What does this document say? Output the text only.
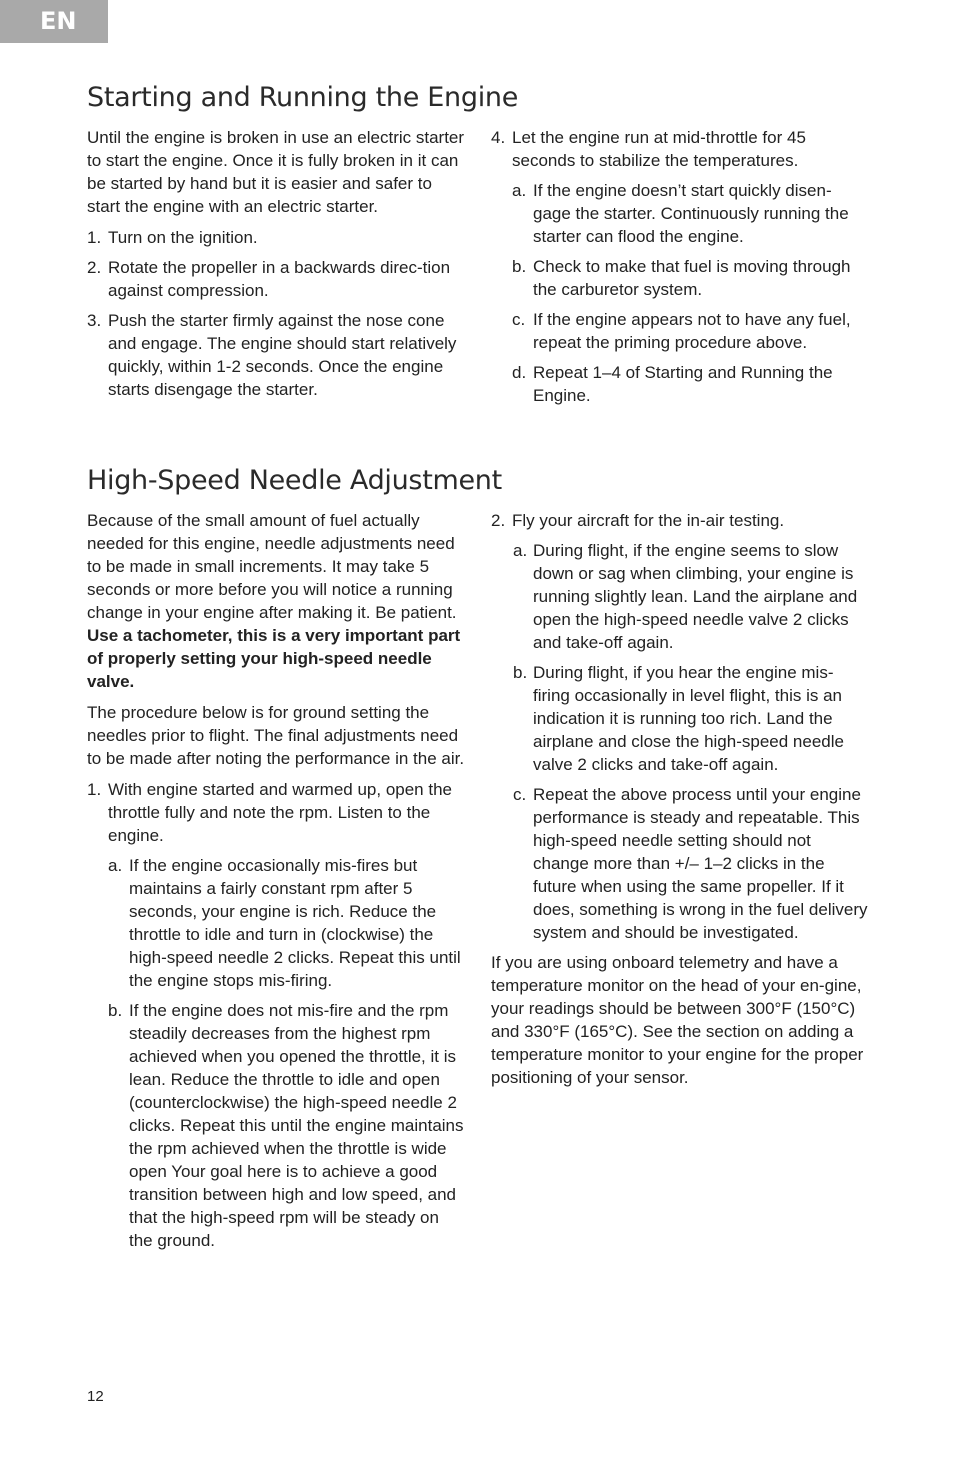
EN
Starting and Running the Engine

Until the engine is broken in use an electric starter to start the engine. Once it is fully broken in it can be started by hand but it is easier and safer to start the engine with an electric starter.

1. Turn on the ignition.
2. Rotate the propeller in a backwards direc-tion against compression.
3. Push the starter firmly against the nose cone and engage. The engine should start relatively quickly, within 1-2 seconds. Once the engine starts disengage the starter.
4. Let the engine run at mid-throttle for 45 seconds to stabilize the temperatures.
a. If the engine doesn’t start quickly disen-gage the starter. Continuously running the starter can flood the engine.
b. Check to make that fuel is moving through the carburetor system.
c. If the engine appears not to have any fuel, repeat the priming procedure above.
d. Repeat 1–4 of Starting and Running the Engine.
High-Speed Needle Adjustment

Because of the small amount of fuel actually needed for this engine, needle adjustments need to be made in small increments. It may take 5 seconds or more before you will notice a running change in your engine after making it. Be patient. Use a tachometer, this is a very important part of properly setting your high-speed needle valve.

The procedure below is for ground setting the needles prior to flight. The final adjustments need to be made after noting the performance in the air.

1. With engine started and warmed up, open the throttle fully and note the rpm. Listen to the engine.
a. If the engine occasionally mis-fires but maintains a fairly constant rpm after 5 seconds, your engine is rich. Reduce the throttle to idle and turn in (clockwise) the high-speed needle 2 clicks. Repeat this until the engine stops mis-firing.
b. If the engine does not mis-fire and the rpm steadily decreases from the highest rpm achieved when you opened the throttle, it is lean. Reduce the throttle to idle and open (counterclockwise) the high-speed needle 2 clicks. Repeat this until the engine maintains the rpm achieved when the throttle is wide open Your goal here is to achieve a good transition between high and low speed, and that the high-speed rpm will be steady on the ground.
2. Fly your aircraft for the in-air testing.
a. During flight, if the engine seems to slow down or sag when climbing, your engine is running slightly lean. Land the airplane and open the high-speed needle valve 2 clicks and take-off again.
b. During flight, if you hear the engine mis-firing occasionally in level flight, this is an indication it is running too rich. Land the airplane and close the high-speed needle valve 2 clicks and take-off again.
c. Repeat the above process until your engine performance is steady and repeatable. This high-speed needle setting should not change more than +/– 1–2 clicks in the future when using the same propeller. If it does, something is wrong in the fuel delivery system and should be investigated.

If you are using onboard telemetry and have a temperature monitor on the head of your en-gine, your readings should be between 300°F (150°C) and 330°F (165°C). See the section on adding a temperature monitor to your engine for the proper positioning of your sensor.

12
